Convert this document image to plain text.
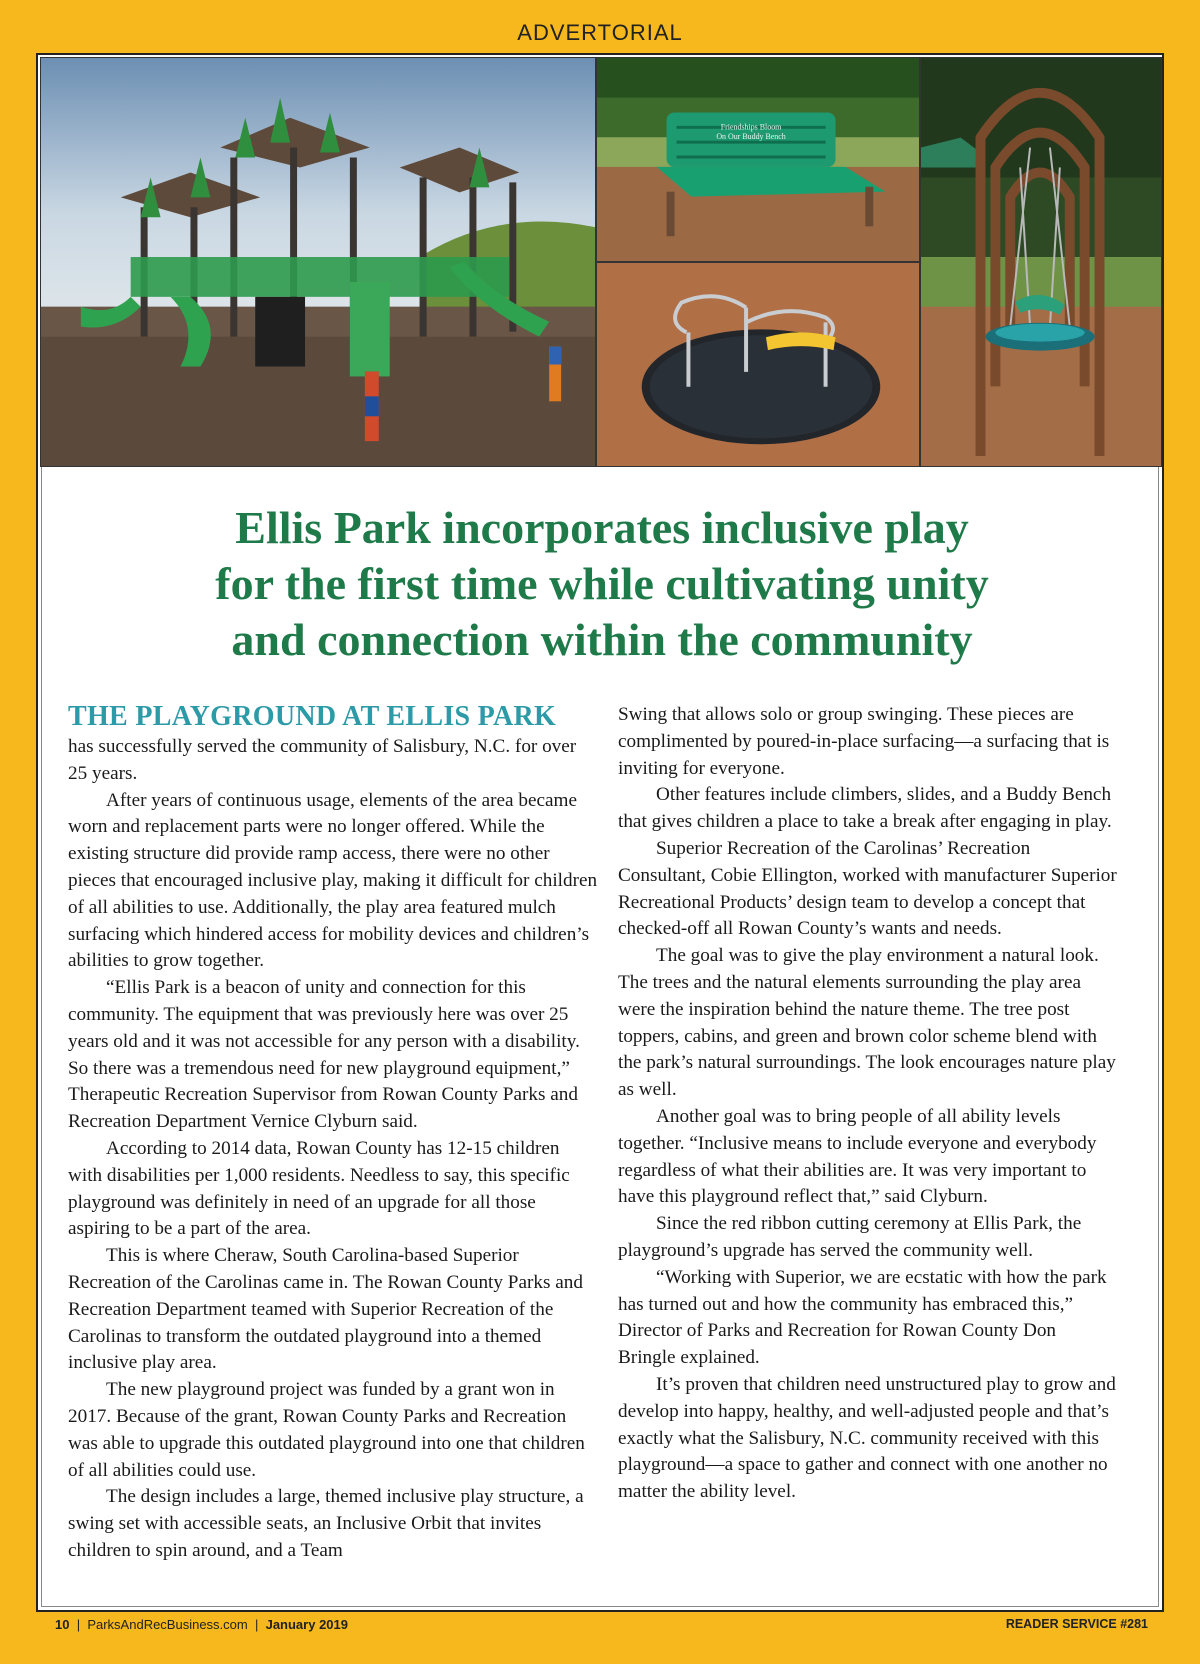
ADVERTORIAL
Friendships Bloom
On Our Buddy Bench
Ellis Park incorporates inclusive play
for the first time while cultivating unity
and connection within the community
THE PLAYGROUND AT ELLIS PARK

has successfully served the community of Salisbury, N.C. for over 25 years.

After years of continuous usage, elements of the area became worn and replacement parts were no longer offered. While the existing structure did provide ramp access, there were no other pieces that encouraged inclusive play, making it difficult for children of all abilities to use. Additionally, the play area featured mulch surfacing which hindered access for mobility devices and children’s abilities to grow together.

“Ellis Park is a beacon of unity and connection for this community. The equipment that was previously here was over 25 years old and it was not accessible for any person with a disability. So there was a tremendous need for new playground equipment,” Therapeutic Recreation Supervisor from Rowan County Parks and Recreation Department Vernice Clyburn said.

According to 2014 data, Rowan County has 12-15 children with disabilities per 1,000 residents. Needless to say, this specific playground was definitely in need of an upgrade for all those aspiring to be a part of the area.

This is where Cheraw, South Carolina-based Superior Recreation of the Carolinas came in. The Rowan County Parks and Recreation Department teamed with Superior Recreation of the Carolinas to transform the outdated playground into a themed inclusive play area.

The new playground project was funded by a grant won in 2017. Because of the grant, Rowan County Parks and Recreation was able to upgrade this outdated playground into one that children of all abilities could use.

The design includes a large, themed inclusive play structure, a swing set with accessible seats, an Inclusive Orbit that invites children to spin around, and a Team

Swing that allows solo or group swinging. These pieces are complimented by poured-in-place surfacing—a surfacing that is inviting for everyone.

Other features include climbers, slides, and a Buddy Bench that gives children a place to take a break after engaging in play.

Superior Recreation of the Carolinas’ Recreation Consultant, Cobie Ellington, worked with manufacturer Superior Recreational Products’ design team to develop a concept that checked-off all Rowan County’s wants and needs.

The goal was to give the play environment a natural look. The trees and the natural elements surrounding the play area were the inspiration behind the nature theme. The tree post toppers, cabins, and green and brown color scheme blend with the park’s natural surroundings. The look encourages nature play as well.

Another goal was to bring people of all ability levels together. “Inclusive means to include everyone and everybody regardless of what their abilities are. It was very important to have this playground reflect that,” said Clyburn.

Since the red ribbon cutting ceremony at Ellis Park, the playground’s upgrade has served the community well.

“Working with Superior, we are ecstatic with how the park has turned out and how the community has embraced this,” Director of Parks and Recreation for Rowan County Don Bringle explained.

It’s proven that children need unstructured play to grow and develop into happy, healthy, and well-adjusted people and that’s exactly what the Salisbury, N.C. community received with this playground—a space to gather and connect with one another no matter the ability level.

10 | ParksAndRecBusiness.com | January 2019	READER SERVICE #281
